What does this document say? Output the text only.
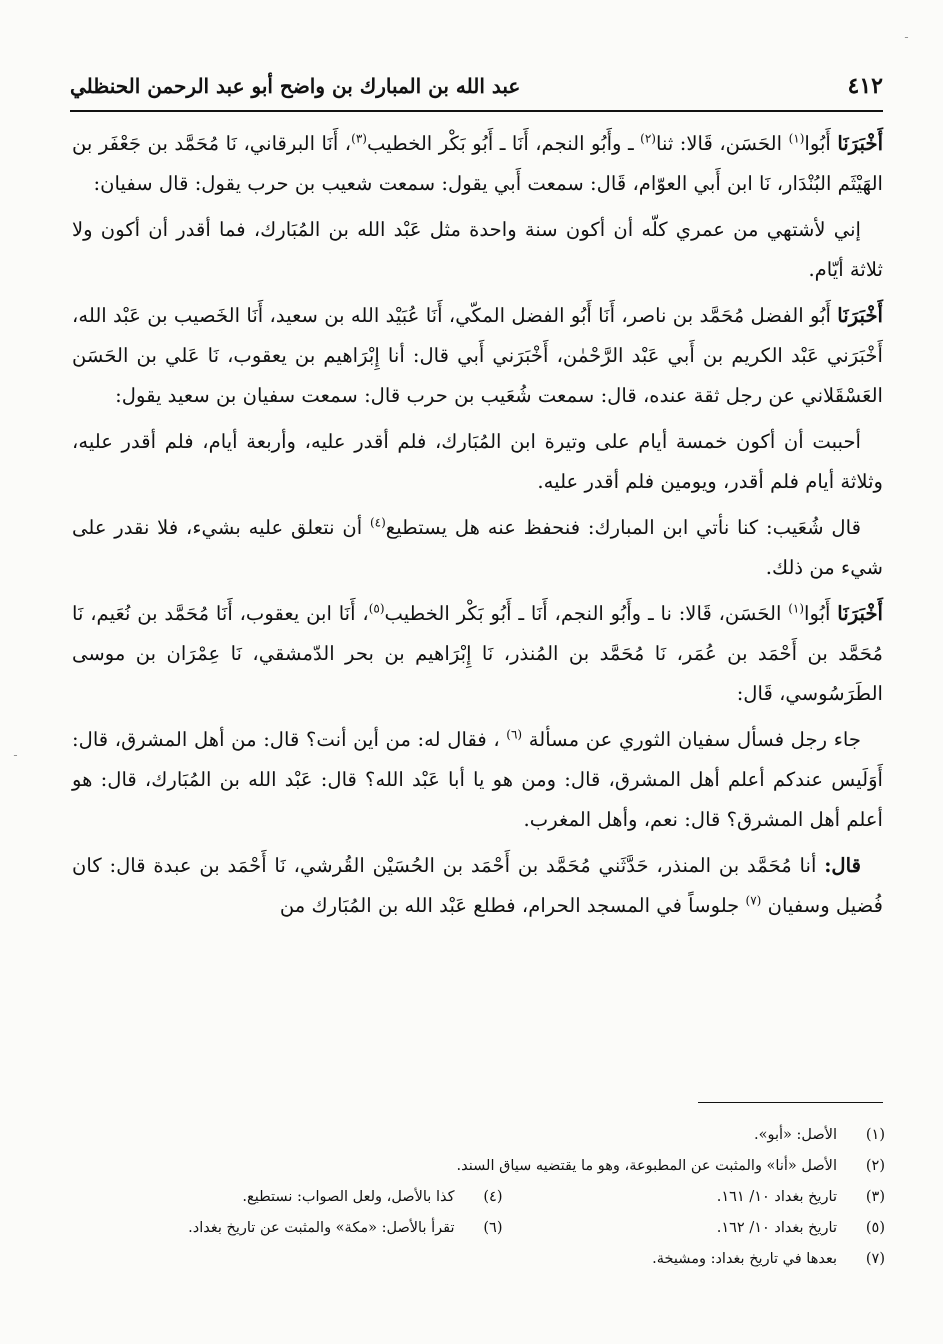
ـ
ـ
٤١٢
عبد الله بن المبارك بن واضح أبو عبد الرحمن الحنظلي

أَخْبَرَنَا أَبُوا$^{(١)}$ الحَسَن، قَالا: ثنا$^{(٢)}$ ـ وأَبُو النجم، أَنَا ـ أَبُو بَكْر الخطيب$^{(٣)}$، أَنَا البرقاني، نَا مُحَمَّد بن جَعْفَر بن الهَيْثَم البُنْدَار، نَا ابن أَبي العوّام، قَال: سمعت أَبي يقول: سمعت شعيب بن حرب يقول: قال سفيان:

إني لأشتهي من عمري كلّه أن أكون سنة واحدة مثل عَبْد الله بن المُبَارك، فما أقدر أن أكون ولا ثلاثة أيّام.

أَخْبَرَنَا أَبُو الفضل مُحَمَّد بن ناصر، أَنَا أَبُو الفضل المكّي، أَنَا عُبَيْد الله بن سعيد، أَنَا الخَصيب بن عَبْد الله، أَخْبَرَني عَبْد الكريم بن أَبي عَبْد الرَّحْمٰن، أَخْبَرَني أَبي قال: أنا إِبْرَاهيم بن يعقوب، نَا عَلي بن الحَسَن العَسْقَلاني عن رجل ثقة عنده، قال: سمعت شُعَيب بن حرب قال: سمعت سفيان بن سعيد يقول:

أحببت أن أكون خمسة أيام على وتيرة ابن المُبَارك، فلم أقدر عليه، وأربعة أيام، فلم أقدر عليه، وثلاثة أيام فلم أقدر، ويومين فلم أقدر عليه.

قال شُعَيب: كنا نأتي ابن المبارك: فنحفظ عنه هل يستطيع$^{(٤)}$ أن نتعلق عليه بشيء، فلا نقدر على شيء من ذلك.

أَخْبَرَنَا أَبُوا$^{(١)}$ الحَسَن، قَالا: نا ـ وأَبُو النجم، أَنَا ـ أَبُو بَكْر الخطيب$^{(٥)}$، أَنَا ابن يعقوب، أَنَا مُحَمَّد بن نُعَيم، نَا مُحَمَّد بن أَحْمَد بن عُمَر، نَا مُحَمَّد بن المُنذر، نَا إِبْرَاهيم بن بحر الدّمشقي، نَا عِمْرَان بن موسى الطَرَسُوسي، قَال:

جاء رجل فسأل سفيان الثوري عن مسألة $^{(٦)}$ ، فقال له: من أين أنت؟ قال: من أهل المشرق، قال: أَوَلَيس عندكم أعلم أهل المشرق، قال: ومن هو يا أبا عَبْد الله؟ قال: عَبْد الله بن المُبَارك، قال: هو أعلم أهل المشرق؟ قال: نعم، وأهل المغرب.

قال: أنا مُحَمَّد بن المنذر، حَدَّثَني مُحَمَّد بن أَحْمَد بن الحُسَيْن القُرشي، نَا أَحْمَد بن عبدة قال: كان فُضيل وسفيان $^{(٧)}$ جلوساً في المسجد الحرام، فطلع عَبْد الله بن المُبَارك من

(١)
الأصل: «أبو».
(٢)
الأصل «أنا» والمثبت عن المطبوعة، وهو ما يقتضيه سياق السند.
(٣)
تاريخ بغداد ١٠/ ١٦١.
(٤)
كذا بالأصل، ولعل الصواب: نستطيع.
(٥)
تاريخ بغداد ١٠/ ١٦٢.
(٦)
تقرأ بالأصل: «مكة» والمثبت عن تاريخ بغداد.
(٧)
بعدها في تاريخ بغداد: ومشيخة.
